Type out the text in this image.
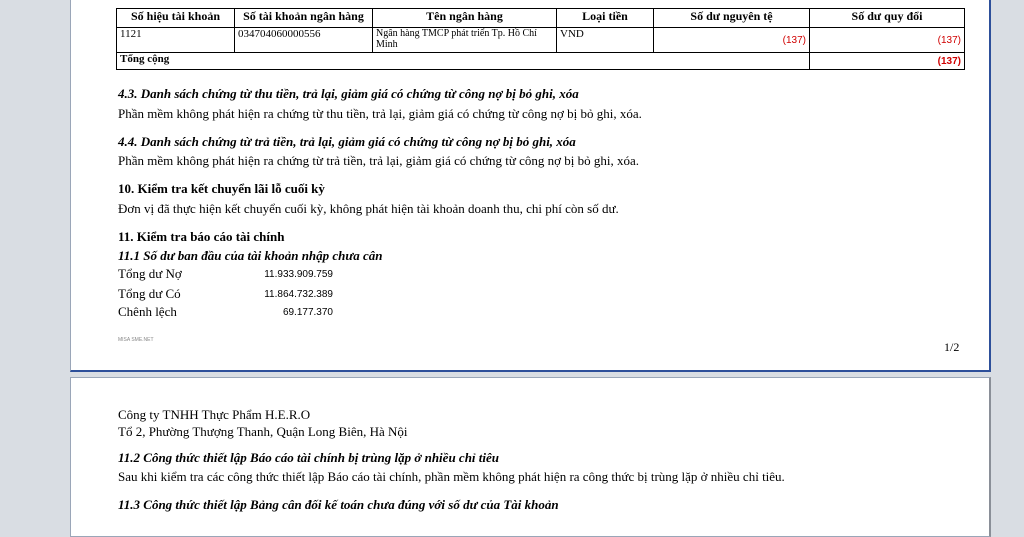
Số hiệu tài khoản	Số tài khoản ngân hàng	Tên ngân hàng	Loại tiền	Số dư nguyên tệ	Số dư quy đổi
1121	034704060000556	Ngân hàng TMCP phát triển Tp. Hồ Chí Minh	VND	(137)	(137)
Tổng cộng					(137)
4.3. Danh sách chứng từ thu tiền, trả lại, giảm giá có chứng từ công nợ bị bỏ ghi, xóa
Phần mềm không phát hiện ra chứng từ thu tiền, trả lại, giảm giá có chứng từ công nợ bị bỏ ghi, xóa.
4.4. Danh sách chứng từ trả tiền, trả lại, giảm giá có chứng từ công nợ bị bỏ ghi, xóa
Phần mềm không phát hiện ra chứng từ trả tiền, trả lại, giảm giá có chứng từ công nợ bị bỏ ghi, xóa.
10. Kiểm tra kết chuyển lãi lỗ cuối kỳ
Đơn vị đã thực hiện kết chuyển cuối kỳ, không phát hiện tài khoản doanh thu, chi phí còn số dư.
11. Kiểm tra báo cáo tài chính
11.1 Số dư ban đầu của tài khoản nhập chưa cân
Tổng dư Nợ	11.933.909.759
Tổng dư Có	11.864.732.389
Chênh lệch	69.177.370
MISA SME.NET	1/2
Công ty TNHH Thực Phẩm H.E.R.O
Tổ 2, Phường Thượng Thanh, Quận Long Biên, Hà Nội
11.2 Công thức thiết lập Báo cáo tài chính bị trùng lặp ở nhiều chỉ tiêu
Sau khi kiểm tra các công thức thiết lập Báo cáo tài chính, phần mềm không phát hiện ra công thức bị trùng lặp ở nhiều chỉ tiêu.
11.3 Công thức thiết lập Bảng cân đối kế toán chưa đúng với số dư của Tài khoản
